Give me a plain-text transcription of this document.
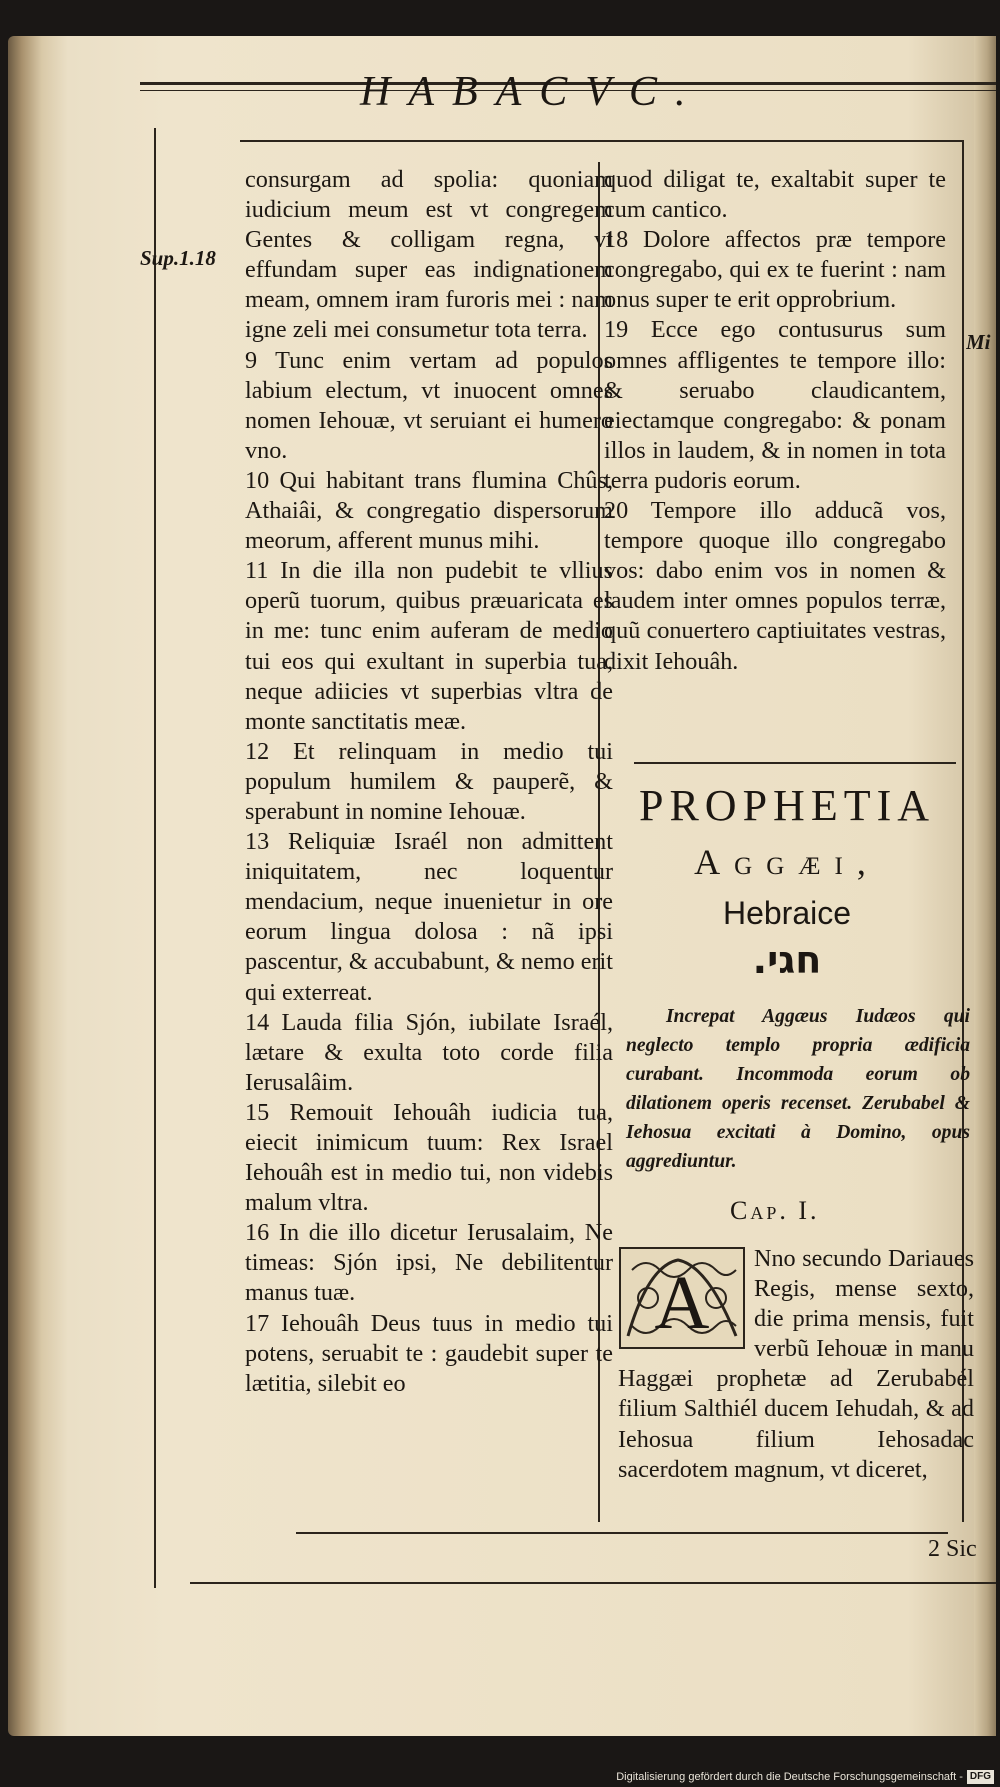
HABACVC.
Sup.1.18
Mi

consurgam ad spolia: quoniam iudicium meum est vt congregem Gentes & colligam regna, vt effundam super eas indignationem meam, omnem iram furoris mei : nam igne zeli mei consumetur tota terra.

9 Tunc enim vertam ad populos labium electum, vt inuocent omnes nomen Iehouæ, vt seruiant ei humero vno.

10 Qui habitant trans flumina Chûs, Athaiâi, & congregatio dispersorum meorum, afferent munus mihi.

11 In die illa non pudebit te vllius operũ tuorum, quibus præuaricata es in me: tunc enim auferam de medio tui eos qui exultant in superbia tua, neque adiicies vt superbias vltra de monte sanctitatis meæ.

12 Et relinquam in medio tui populum humilem & pauperẽ, & sperabunt in nomine Iehouæ.

13 Reliquiæ Israél non admittent iniquitatem, nec loquentur mendacium, neque inuenietur in ore eorum lingua dolosa : nã ipsi pascentur, & accubabunt, & nemo erit qui exterreat.

14 Lauda filia Sjón, iubilate Israél, lætare & exulta toto corde filia Ierusalâim.

15 Remouit Iehouâh iudicia tua, eiecit inimicum tuum: Rex Israel Iehouâh est in medio tui, non videbis malum vltra.

16 In die illo dicetur Ierusalaim, Ne timeas: Sjón ipsi, Ne debilitentur manus tuæ.

17 Iehouâh Deus tuus in medio tui potens, seruabit te : gaudebit super te lætitia, silebit eo

quod diligat te, exaltabit super te cum cantico.

18 Dolore affectos præ tempore congregabo, qui ex te fuerint : nam onus super te erit opprobrium.

19 Ecce ego contusurus sum omnes affligentes te tempore illo: & seruabo claudicantem, eiectamque congregabo: & ponam illos in laudem, & in nomen in tota terra pudoris eorum.

20 Tempore illo adducã vos, tempore quoque illo congregabo vos: dabo enim vos in nomen & laudem inter omnes populos terræ, quũ conuertero captiuitates vestras, dixit Iehouâh.

PROPHETIA
Aggæi,
Hebraice
חגי.
Increpat Aggæus Iudæos qui neglecto templo propria ædificia curabant. Incommoda eorum ob dilationem operis recenset. Zerubabel & Iehosua excitati à Domino, opus aggrediuntur.
Cap. I.
A

Nno secundo Dariaues Regis, mense sexto, die prima mensis, fuit verbũ Iehouæ in manu Haggæi prophetæ ad Zerubabél filium Salthiél ducem Iehudah, & ad Iehosua filium Iehosadac sacerdotem magnum, vt diceret,

2 Sic
Digitalisierung gefördert durch die Deutsche Forschungsgemeinschaft - DFG
